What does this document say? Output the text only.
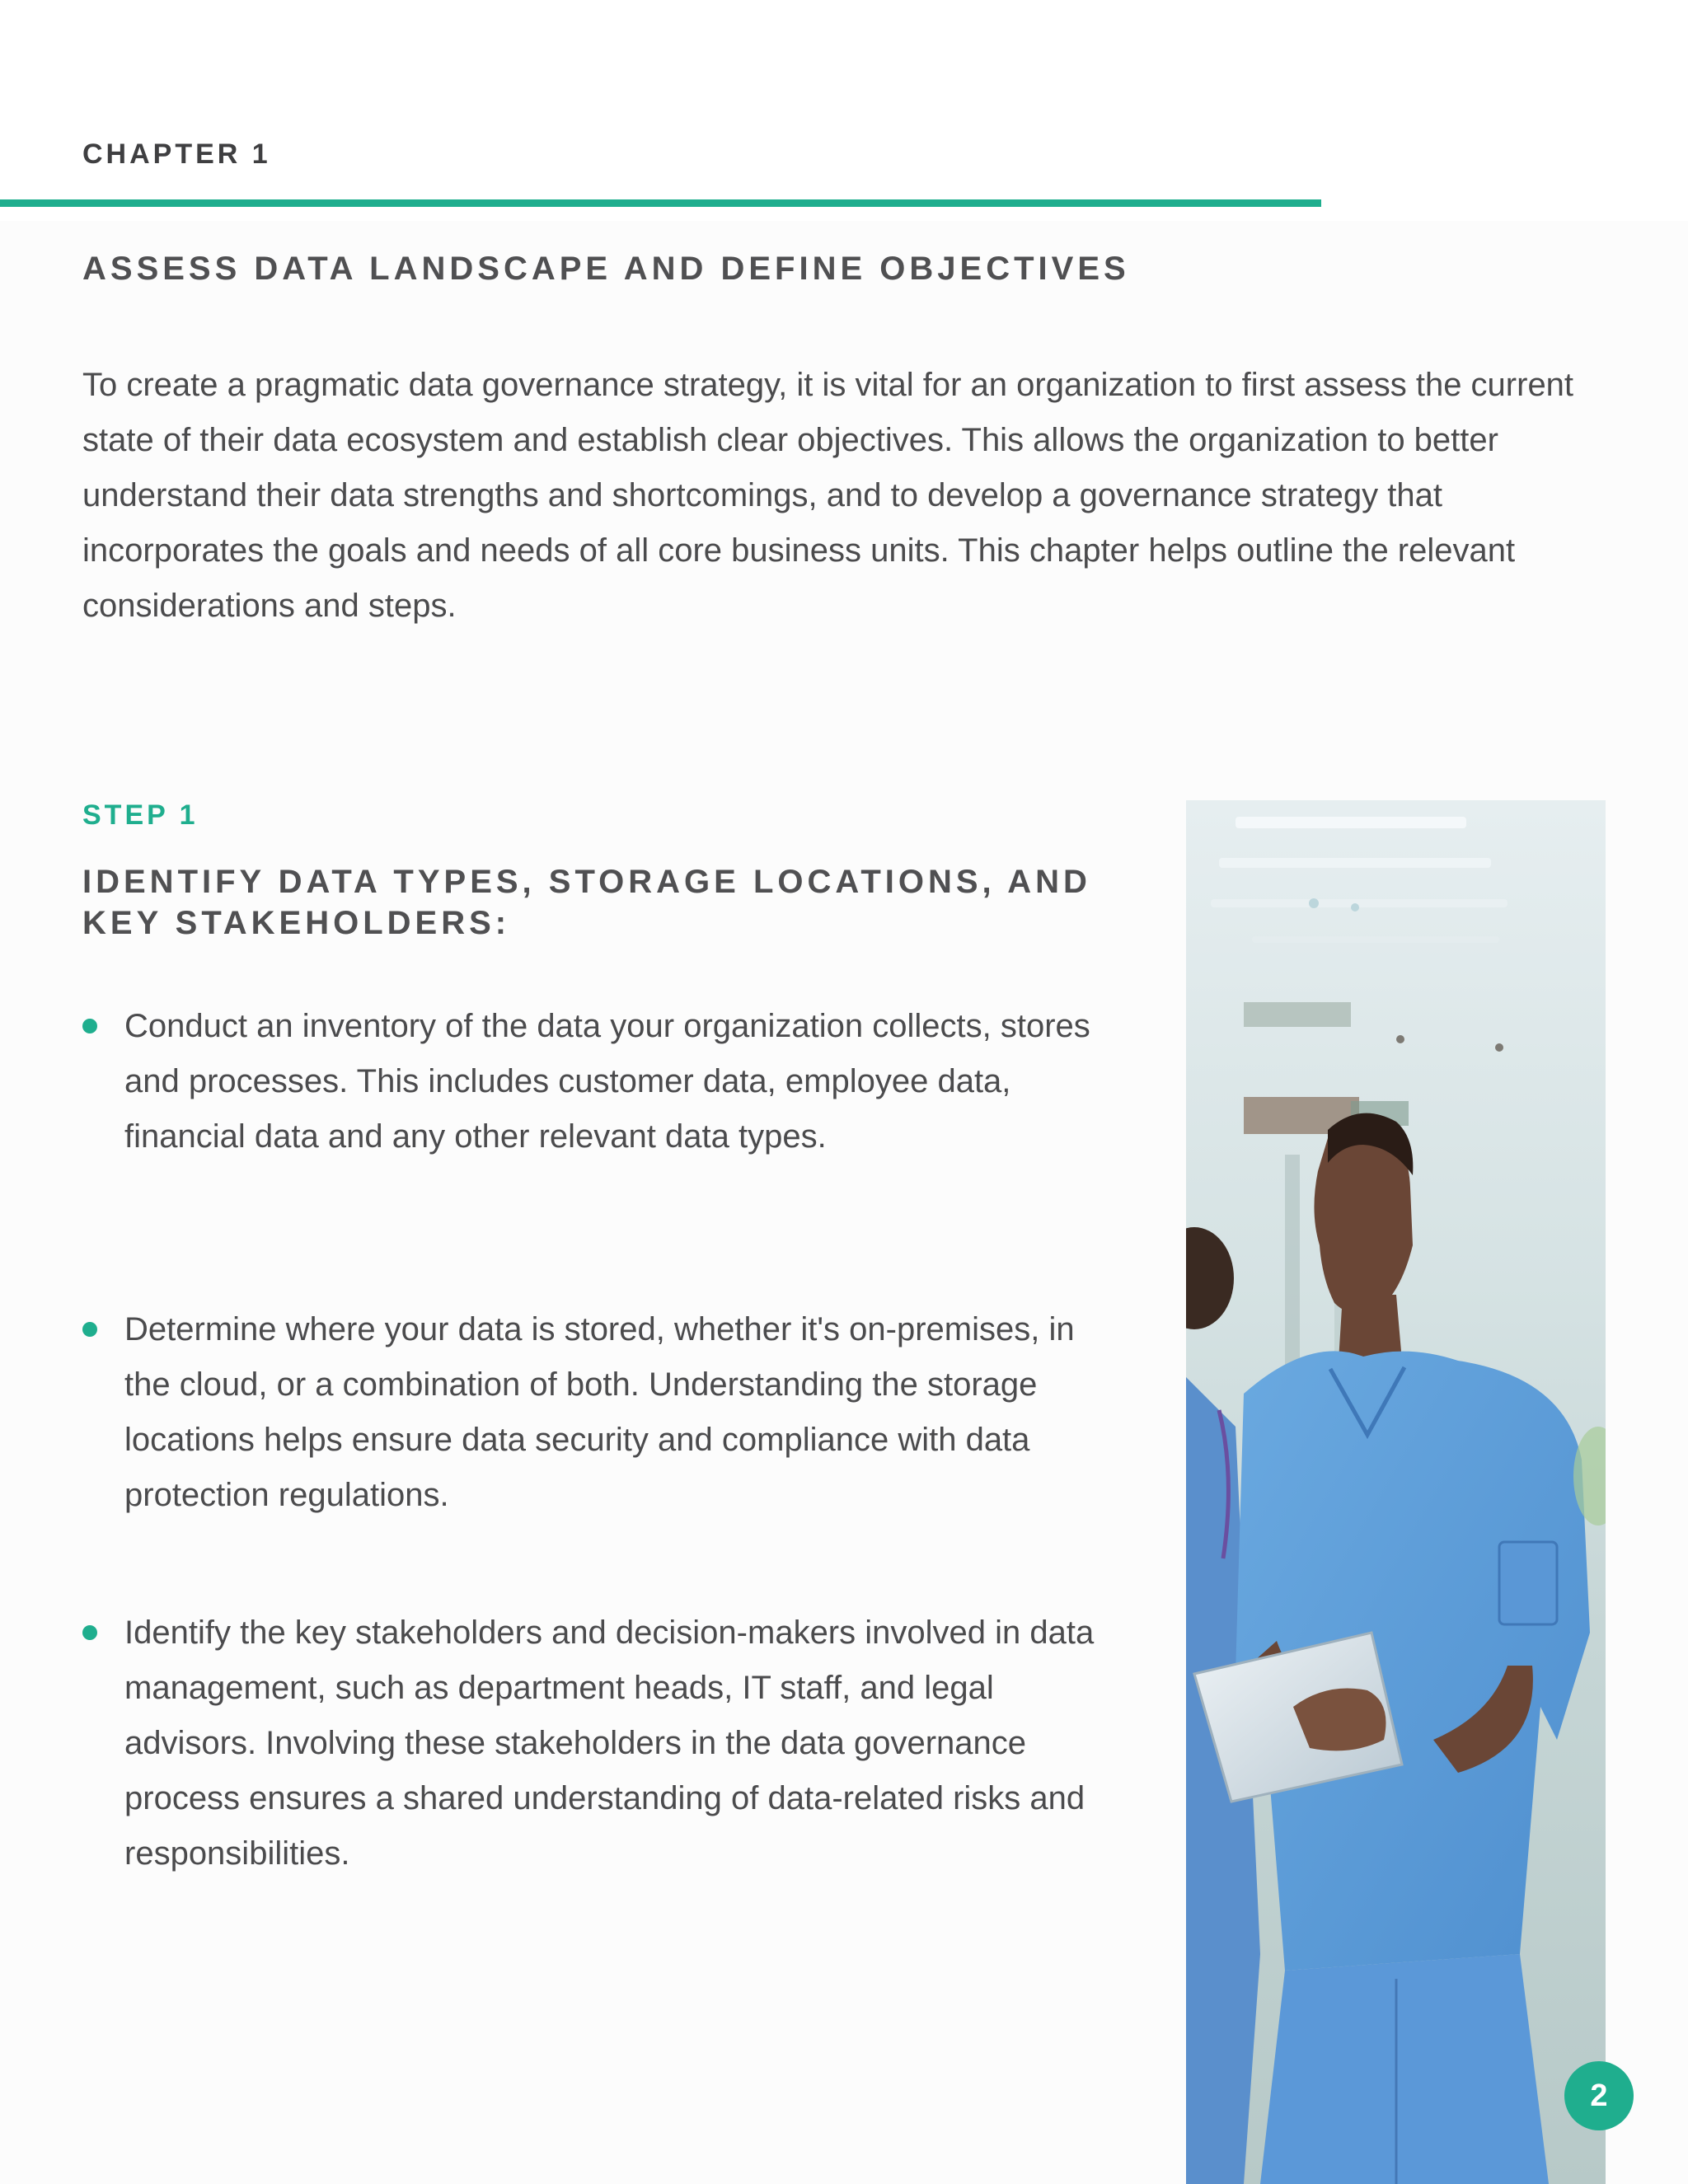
CHAPTER 1
ASSESS DATA LANDSCAPE AND DEFINE OBJECTIVES

To create a pragmatic data governance strategy, it is vital for an organization to first assess the current state of their data ecosystem and establish clear objectives. This allows the organization to better understand their data strengths and shortcomings, and to develop a governance strategy that incorporates the goals and needs of all core business units. This chapter helps outline the relevant considerations and steps.

STEP 1
IDENTIFY DATA TYPES, STORAGE LOCATIONS, AND KEY STAKEHOLDERS:
Conduct an inventory of the data your organization collects, stores and processes. This includes customer data, employee data, financial data and any other relevant data types.
Determine where your data is stored, whether it's on-premises, in the cloud, or a combination of both. Understanding the storage locations helps ensure data security and compliance with data protection regulations.
Identify the key stakeholders and decision-makers involved in data management, such as department heads, IT staff, and legal advisors. Involving these stakeholders in the data governance process ensures a shared understanding of data-related risks and responsibilities.
2
